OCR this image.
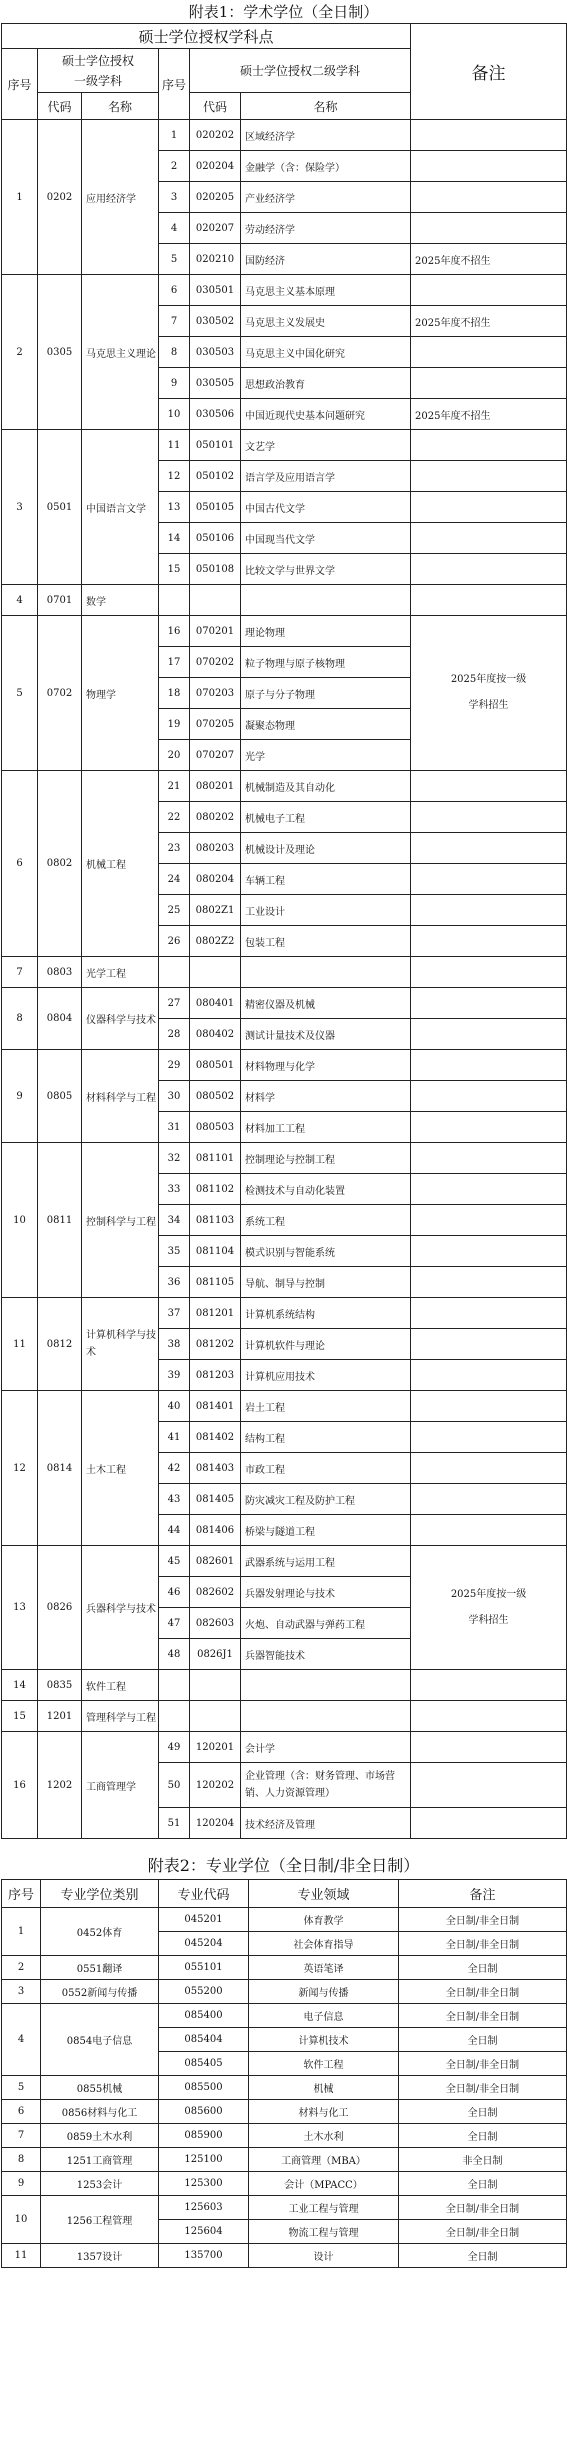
附表1：学术学位（全日制）
硕士学位授权学科点						备注
序号	硕士学位授权
一级学科		序号	硕士学位授权二级学科		
	代码	名称		代码	名称	
1	0202	应用经济学	1	020202	区域经济学	
			2	020204	金融学（含：保险学）	
			3	020205	产业经济学	
			4	020207	劳动经济学	
			5	020210	国防经济	2025年度不招生
2	0305	马克思主义理论	6	030501	马克思主义基本原理	
			7	030502	马克思主义发展史	2025年度不招生
			8	030503	马克思主义中国化研究	
			9	030505	思想政治教育	
			10	030506	中国近现代史基本问题研究	2025年度不招生
3	0501	中国语言文学	11	050101	文艺学	
			12	050102	语言学及应用语言学	
			13	050105	中国古代文学	
			14	050106	中国现当代文学	
			15	050108	比较文学与世界文学	
4	0701	数学				
5	0702	物理学	16	070201	理论物理	2025年度按一级
学科招生

			17	070202	粒子物理与原子核物理	
			18	070203	原子与分子物理	
			19	070205	凝聚态物理	
			20	070207	光学	
6	0802	机械工程	21	080201	机械制造及其自动化	
			22	080202	机械电子工程	
			23	080203	机械设计及理论	
			24	080204	车辆工程	
			25	0802Z1	工业设计	
			26	0802Z2	包装工程	
7	0803	光学工程				
8	0804	仪器科学与技术	27	080401	精密仪器及机械	
			28	080402	测试计量技术及仪器	
9	0805	材料科学与工程	29	080501	材料物理与化学	
			30	080502	材料学	
			31	080503	材料加工工程	
10	0811	控制科学与工程	32	081101	控制理论与控制工程	
			33	081102	检测技术与自动化装置	
			34	081103	系统工程	
			35	081104	模式识别与智能系统	
			36	081105	导航、制导与控制	
11	0812	计算机科学与技术	37	081201	计算机系统结构	
			38	081202	计算机软件与理论	
			39	081203	计算机应用技术	
12	0814	土木工程	40	081401	岩土工程	
			41	081402	结构工程	
			42	081403	市政工程	
			43	081405	防灾减灾工程及防护工程	
			44	081406	桥梁与隧道工程	
13	0826	兵器科学与技术	45	082601	武器系统与运用工程	2025年度按一级
学科招生

			46	082602	兵器发射理论与技术	
			47	082603	火炮、自动武器与弹药工程	
			48	0826J1	兵器智能技术	
14	0835	软件工程				
15	1201	管理科学与工程				
16	1202	工商管理学	49	120201	会计学	
			50	120202	企业管理（含：财务管理、市场营销、人力资源管理）	
			51	120204	技术经济及管理	
附表2：专业学位（全日制/非全日制）
序号	专业学位类别	专业代码	专业领域	备注
1	0452体育	045201	体育教学	全日制/非全日制
		045204	社会体育指导	全日制/非全日制
2	0551翻译	055101	英语笔译	全日制
3	0552新闻与传播	055200	新闻与传播	全日制/非全日制
4	0854电子信息	085400	电子信息	全日制/非全日制
		085404	计算机技术	全日制
		085405	软件工程	全日制/非全日制
5	0855机械	085500	机械	全日制/非全日制
6	0856材料与化工	085600	材料与化工	全日制
7	0859土木水利	085900	土木水利	全日制
8	1251工商管理	125100	工商管理（MBA）	非全日制
9	1253会计	125300	会计（MPACC）	全日制
10	1256工程管理	125603	工业工程与管理	全日制/非全日制
		125604	物流工程与管理	全日制/非全日制
11	1357设计	135700	设计	全日制
